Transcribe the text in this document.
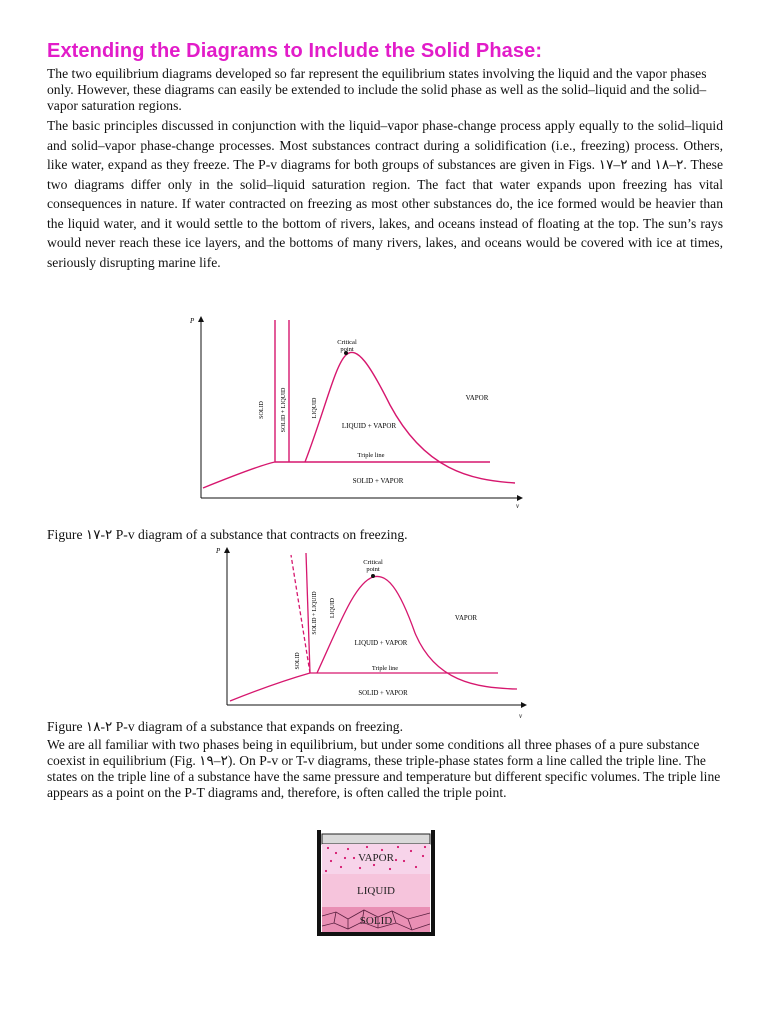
Extending the Diagrams to Include the Solid Phase:

The two equilibrium diagrams developed so far represent the equilibrium states involving the liquid and the vapor phases only. However, these diagrams can easily be extended to include the solid phase as well as the solid–liquid and the solid–vapor saturation regions.

The basic principles discussed in conjunction with the liquid–vapor phase-change process apply equally to the solid–liquid and solid–vapor phase-change processes. Most substances contract during a solidification (i.e., freezing) process. Others, like water, expand as they freeze. The P-v diagrams for both groups of substances are given in Figs. ٢–١٧ and ٢–١٨. These two diagrams differ only in the solid–liquid saturation region. The fact that water expands upon freezing has vital consequences in nature. If water contracted on freezing as most other substances do, the ice formed would be heavier than the liquid water, and it would settle to the bottom of rivers, lakes, and oceans instead of floating at the top. The sun’s rays would never reach these ice layers, and the bottoms of many rivers, lakes, and oceans would be covered with ice at times, seriously disrupting marine life.

P
v
Critical
point
SOLID	SOLID + LIQUID	LIQUID
LIQUID + VAPOR
VAPOR
Triple line
SOLID + VAPOR
Figure ٢-١٧ P-v diagram of a substance that contracts on freezing.
P
v
Critical
point
SOLID
SOLID + LIQUID LIQUID
LIQUID + VAPOR
VAPOR
Triple line
SOLID + VAPOR
Figure ٢-١٨ P-v diagram of a substance that expands on freezing.

We are all familiar with two phases being in equilibrium, but under some conditions all three phases of a pure substance coexist in equilibrium (Fig. ٢–١٩). On P-v or T-v diagrams, these triple-phase states form a line called the triple line. The states on the triple line of a substance have the same pressure and temperature but different specific volumes. The triple line appears as a point on the P-T diagrams and, therefore, is often called the triple point.

VAPOR
LIQUID
SOLID
